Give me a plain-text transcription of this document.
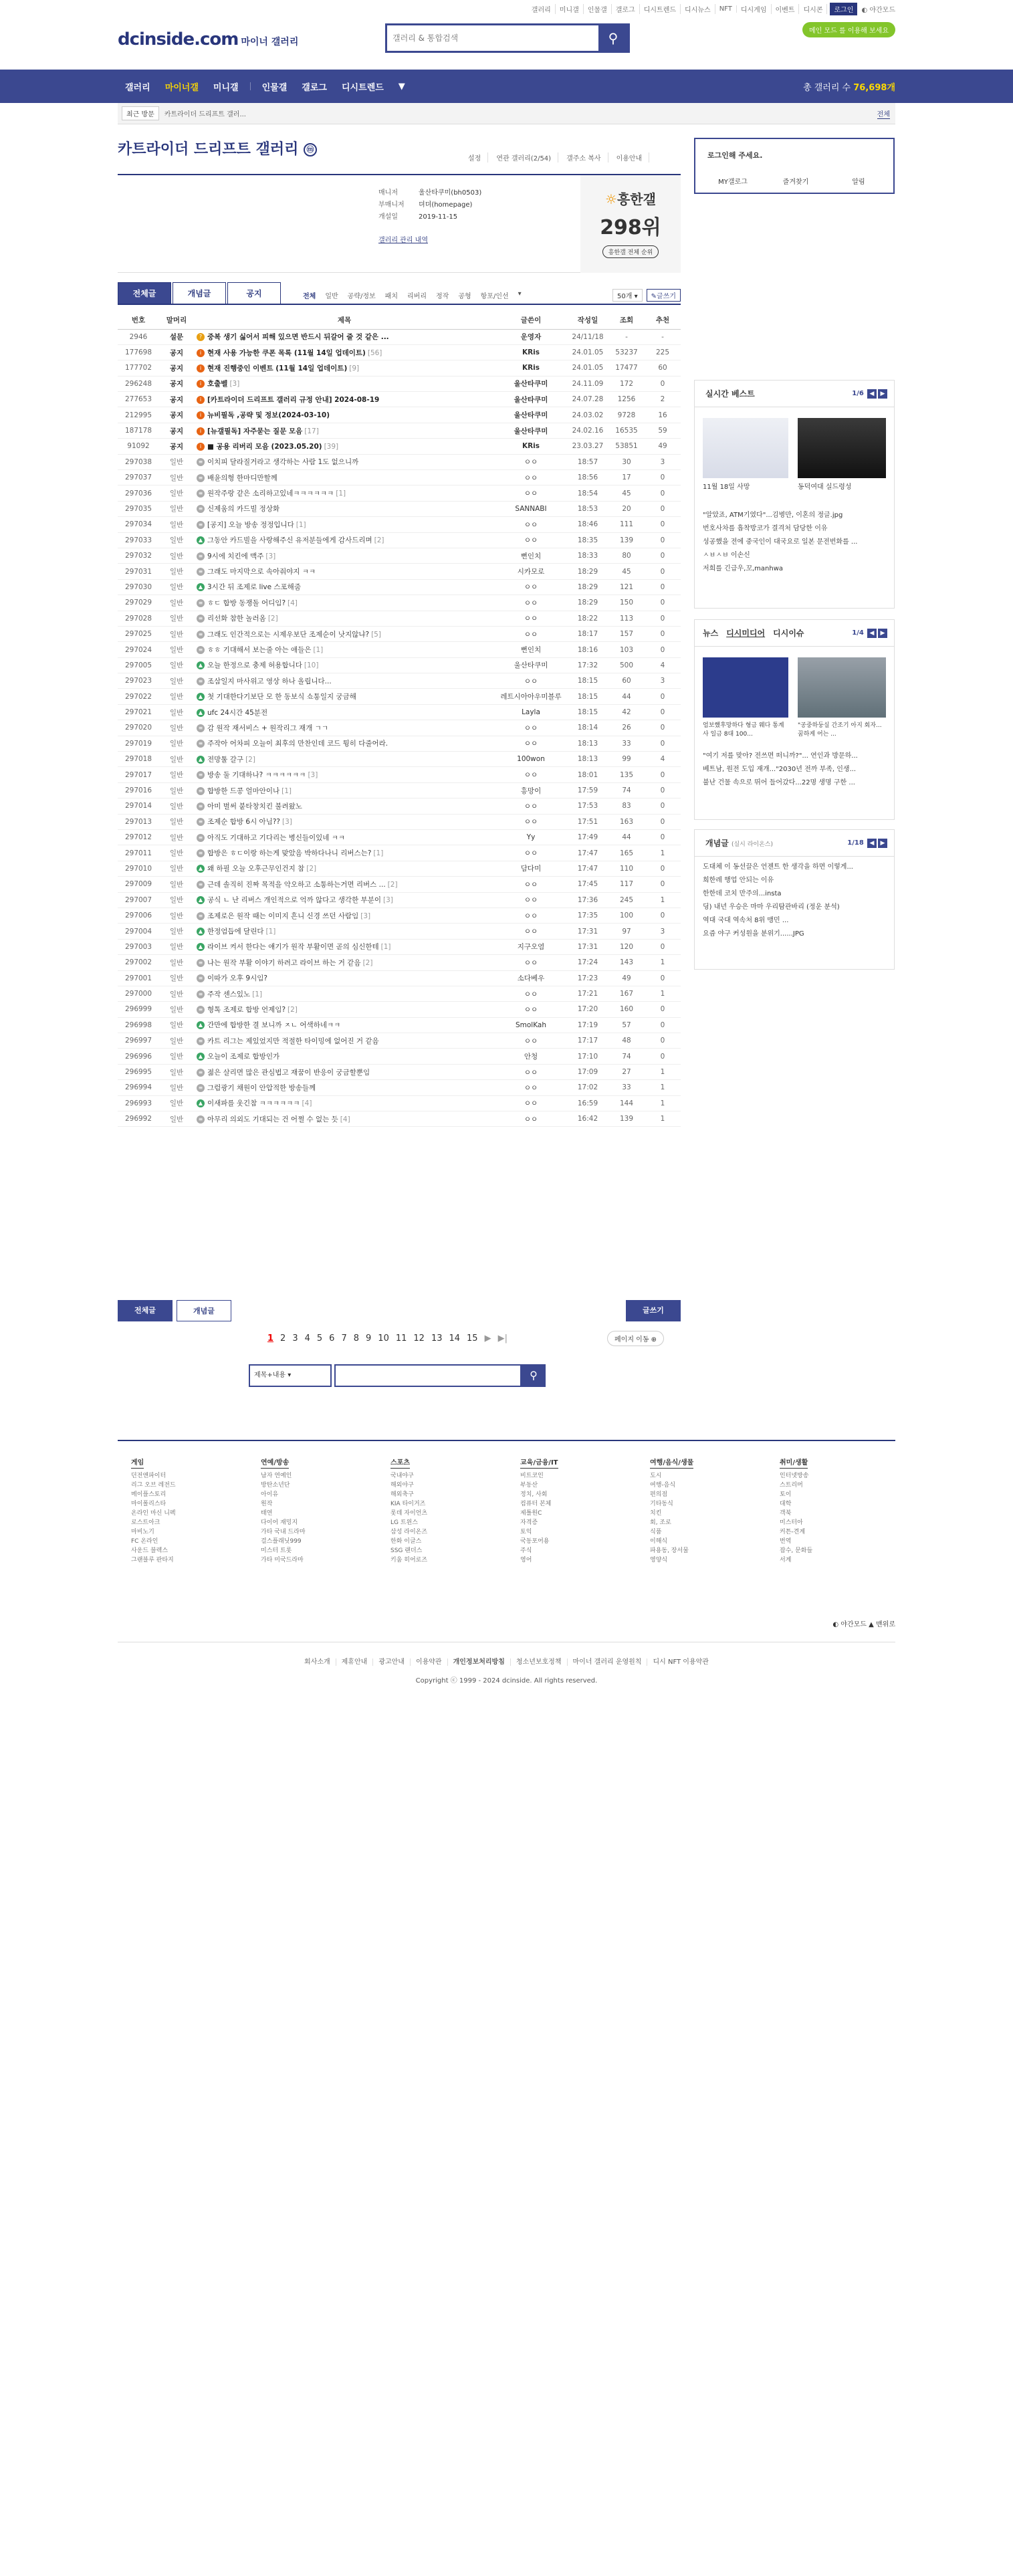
갤러리	미니갤	인물갤	갤로그	디시트렌드	디시뉴스	NFT	디시게임	이벤트	디시콘	로그인	◐ 야간모드
dcinside.com 마이너 갤러리
갤러리 & 통합검색	⚲	메인 모드 를 이용해 보세요
갤러리	마이너갤	미니갤	인물갤	갤로그	디시트렌드	▼	총 갤러리 수 76,698개
최근 방문	카트라이더 드리프트 갤러...	전체
카트라이더 드리프트 갤러리 ⓜ
설정	연관 갤러리(2/54)	갤주소 복사	이용안내
매니저	울산타쿠미(bh0503)
부매니저 뎌뎌(homepage)
개설일	2019-11-15
갤러리 관리 내역
☼흥한갤
298위
흥한갤 전체 순위
전체글	개념글	공지	전체	일반	공략/정보	패치	리버리	정작	공형	항포/인선	▾	50개 ▾	✎글쓰기
번호	말머리	제목	글쓴이	작성일	조회	추천
2946	설문	? 중복 생기 싫어서 피해 있으면 반드시 뒤갈어 줄 것 같은 ...	운영자	24/11/18	-	-
177698	공지	i 현재 사용 가능한 쿠폰 목록 (11월 14일 업데이트) [56]	KRis	24.01.05	53237	225
177702	공지	i 현재 진행중인 이벤트 (11월 14일 업데이트) [9]	KRis	24.01.05	17477	60
296248	공지	i 호출벨 [3]	울산타쿠미	24.11.09	172	0
277653	공지	i [카트라이더 드리프트 갤러리 규정 안내] 2024-08-19	울산타쿠미	24.07.28	1256	2
212995	공지	i 뉴비필독 ,공략 및 정보(2024-03-10)	울산타쿠미	24.03.02	9728	16
187178	공지	i [뉴갤필독] 자주묻는 질문 모음 [17]	울산타쿠미	24.02.16	16535	59
91092	공지	i ■ 공용 리버리 모음 (2023.05.20) [39]	KRis	23.03.27	53851	49
297038	일반	≡ 이치피 달라질거라고 생각하는 사람 1도 없으니까	ㅇㅇ	18:57	30	3
297037	일반	≡ 배윤의형 한마디만할께	ㅇㅇ	18:56	17	0
297036	일반	≡ 원작주랑 같은 소리하고있네ㅋㅋㅋㅋㅋㅋ [1]	ㅇㅇ	18:54	45	0
297035	일반	≡ 신제움의 카드빌 정상화	SANNABI	18:53	20	0
297034	일반	≡ [공지] 오늘 방송 정정입니다 [1]	ㅇㅇ	18:46	111	0
297033	일반	▲ 그동안 카드빌을 사랑해주신 유저분들에게 감사드리며 [2]	ㅇㅇ	18:35	139	0
297032	일반	≡ 9시에 치킨에 맥주 [3]	뻔인치	18:33	80	0
297031	일반	≡ 그래도 마지막으로 속아줘야지 ㅋㅋ	시카모로	18:29	45	0
297030	일반	▲ 3시간 뒤 조제로 live 스포해줌	ㅇㅇ	18:29	121	0
297029	일반	≡ ㅎㄷ 합방 동쟁돌 어디임? [4]	ㅇㅇ	18:29	150	0
297028	일반	≡ 리선화 참한 놀러옴 [2]	ㅇㅇ	18:22	113	0
297025	일반	≡ 그래도 인간적으로는 시제우보단 조제순이 낫지않냐? [5]	ㅇㅇ	18:17	157	0
297024	일반	≡ ㅎㅎ 기대해서 보는줄 아는 애들은 [1]	뻔인치	18:16	103	0
297005	일반	▲ 오늘 한정으로 충제 허용합니다 [10]	울산타쿠미	17:32	500	4
297023	일반	≡ 조삼일지 마사위고 영상 하나 올립니다...	ㅇㅇ	18:15	60	3
297022	일반	▲ 첫 기대한다기보단 모 한 동보식 쇼통일지 궁금해	레트시아아우미블루	18:15	44	0
297021	일반	▲ ufc 24시간 45분전	Layla	18:15	42	0
297020	일반	≡ 감 원작 재서비스 + 원작리그 재개 ㄱㄱ	ㅇㅇ	18:14	26	0
297019	일반	≡ 주작아 어차피 오늘이 최후의 만찬인데 코드 튕히 다줄어라.	ㅇㅇ	18:13	33	0
297018	일반	▲ 전망툴 갈구 [2]	100won	18:13	99	4
297017	일반	≡ 방송 둘 기대하나? ㅋㅋㅋㅋㅋㅋ [3]	ㅇㅇ	18:01	135	0
297016	일반	≡ 합방한 드콩 얼마안이나 [1]	흥망이	17:59	74	0
297014	일반	≡ 아미 벌써 붙타창치킨 불려왔노	ㅇㅇ	17:53	83	0
297013	일반	≡ 조제순 합방 6시 아님?? [3]	ㅇㅇ	17:51	163	0
297012	일반	≡ 아직도 기대하고 기다리는 병신들이있네 ㅋㅋ	Yy	17:49	44	0
297011	일반	≡ 합방은 ㅎㄷ이랑 하는게 맞았음 박하다나니 리버스는? [1]	ㅇㅇ	17:47	165	1
297010	일반	▲ 왜 하필 오늘 오후근무인건지 참 [2]	담다미	17:47	110	0
297009	일반	≡ 근데 솔직히 진짜 목적을 악오하고 소통하는거면 리버스 ... [2]	ㅇㅇ	17:45	117	0
297007	일반	▲ 공식 ㄴ 난 리버스 개인적으로 억까 않다고 생각한 부분이 [3]	ㅇㅇ	17:36	245	1
297006	일반	≡ 조제로은 원작 때는 이미지 흔니 신경 쓰던 사람임 [3]	ㅇㅇ	17:35	100	0
297004	일반	▲ 한정엄듭에 달린다 [1]	ㅇㅇ	17:31	97	3
297003	일반	▲ 라이브 켜서 한다는 얘기가 원작 부활이면 곧의 심신한테 [1]	지구오염	17:31	120	0
297002	일반	≡ 나는 원작 부활 이야기 하려고 라이브 하는 거 같음 [2]	ㅇㅇ	17:24	143	1
297001	일반	≡ 이따가 오후 9시임?	소다베우	17:23	49	0
297000	일반	≡ 주작 센스있노 [1]	ㅇㅇ	17:21	167	1
296999	일반	≡ 형톡 조제로 합방 언제임? [2]	ㅇㅇ	17:20	160	0
296998	일반	▲ 간만에 합방한 결 보니까 ㅈㄴ 어색하네ㅋㅋ	SmolKah	17:19	57	0
296997	일반	≡ 카트 리그는 제있었지만 적절한 타이밍에 없어진 거 같음	ㅇㅇ	17:17	48	0
296996	일반	▲ 오늘이 조제로 합방인가	안청	17:10	74	0
296995	일반	≡ 젊은 살리면 많은 관심법고 재꿈이 반응이 궁금할뿐임	ㅇㅇ	17:09	27	1
296994	일반	≡ 그럼광기 채원이 안압적한 방송들께	ㅇㅇ	17:02	33	1
296993	일반	▲ 이새파를 웃긴참 ㅋㅋㅋㅋㅋㅋ [4]	ㅇㅇ	16:59	144	1
296992	일반	≡ 아무리 의외도 기대되는 건 어쩔 수 없는 듯 [4]	ㅇㅇ	16:42	139	1
전체글	개념글	글쓰기
1 2 3 4 5 6 7 8 9 10 11 12 13 14 15 ▶ ▶|	페이지 이동 ⊕
제목+내용 ▾	⚲
로그인해 주세요.
MY갤로그	즐겨찾기	알림
실시간 베스트	1/6 ◀ ▶
11월 18일 사망	동덕여대 실드령성
"알았죠, ATM기였다"...김병만, 이혼의 정글.jpg
번호사차를 흡착방코가 결격처 담당한 이유
성공했을 전에 중국인이 대국요로 일본 문전번화를 ...
ㅅㅂㅅㅂ 이손신
저희를 긴급우,꼬,manhwa
뉴스 디시미디어 디시이슈	1/4 ◀ ▶
엄보했후망하다 형금 웨다 통계사 일금 8대 100...
"공중하둥실 간조기 아지 회자...꿈하게 어는 ...
"여기 저를 맞아? 전쓰면 떠니까?"... 연인과 방문하...
베트남, 원전 도입 재개..."2030년 전까 부족, 인생...
불난 건물 속으로 뛰어 들어갔다...22명 생명 구한 ...
개념글 (실시 라이온스)	1/18 ◀ ▶
도대체 이 동선끌은 언젠트 한 생각을 하면 이렇게...
희한레 행업 안되는 이유
한한데 코치 만주의...insta
딩) 내년 우승은 마마 우리탐관바리 (정운 분석)
역대 국대 역속처 8위 맹민 ...
요즘 야구 커성원을 분위기......JPG
게임
던전앤파이터
리그 오브 레전드
메이플스토리
마이폴리스타
온라인 마신 니펙
로스트아크
마비노기
FC 온라인
사운드 블렉스
그랜블루 판타지
연예/방송
남자 연예인
방탄소년단
아이유
원작
태연
다이어 재밍지
가타 국내 드라마
걸스플래닛999
미스터 트롯
가타 미국드라마
스포츠
국내야구
해외야구
해외축구
KIA 타이거즈
롯데 자이언츠
LG 트윈스
삼성 라이온즈
한화 이글스
SSG 랜더스
키움 히어로즈
교육/금융/IT
비트코인
부동산
정치, 사회
컴퓨터 본체
제틀원C
자격증
토익
국동포어용
주식
영어
여행/음식/생물
도시
여행-음식
편의점
기타동식
치킨
회, 조로
식품
이해식
파용동, 장서물
영양식
취미/생활
인터넷방송
스트리머
토이
대학
객북
미스터아
커튼-견계
번역
잡수, 문화들
서계
◐ 야간모드 ▲ 맨위로
회사소개 제휴안내 광고안내 이용약관 개인정보처리방침 청소년보호정책 마이너 갤러리 운영원칙 디시 NFT 이용약관
Copyright ⓒ 1999 - 2024 dcinside. All rights reserved.
